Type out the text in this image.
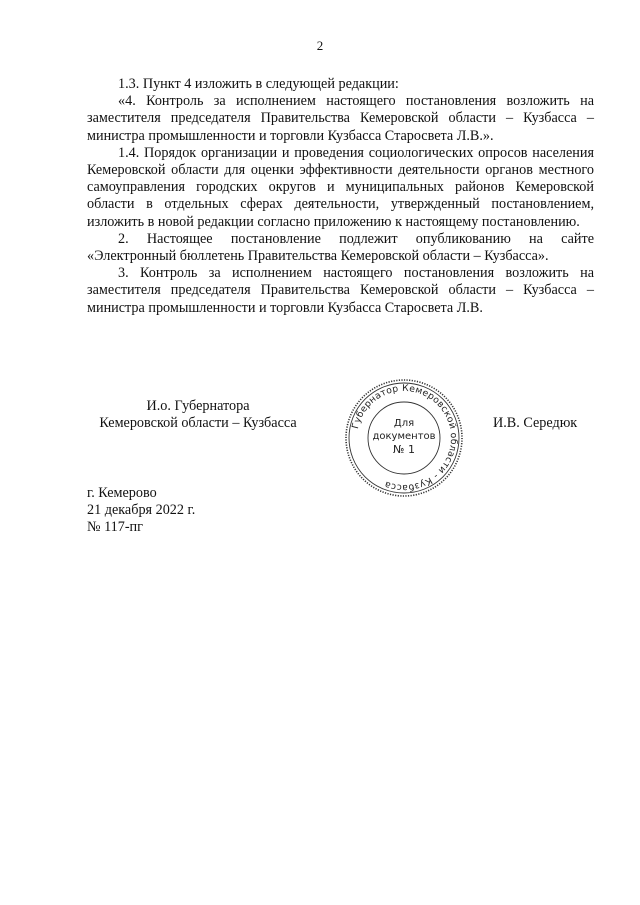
2

1.3. Пункт 4 изложить в следующей редакции:

«4. Контроль за исполнением настоящего постановления возложить на заместителя председателя Правительства Кемеровской области – Кузбасса – министра промышленности и торговли Кузбасса Старосвета Л.В.».

1.4. Порядок организации и проведения социологических опросов населения Кемеровской области для оценки эффективности деятельности органов местного самоуправления городских округов и муниципальных районов Кемеровской области в отдельных сферах деятельности, утвержденный постановлением, изложить в новой редакции согласно приложению к настоящему постановлению.

2. Настоящее постановление подлежит опубликованию на сайте «Электронный бюллетень Правительства Кемеровской области – Кузбасса».

3. Контроль за исполнением настоящего постановления возложить на заместителя председателя Правительства Кемеровской области – Кузбасса – министра промышленности и торговли Кузбасса Старосвета Л.В.

И.о. Губернатора
Кемеровской области – Кузбасса	Губернатор Кемеровской области - Кузбасса
Для
документов
№ 1
И.В. Середюк
г. Кемерово
21 декабря 2022 г.
№ 117-пг
